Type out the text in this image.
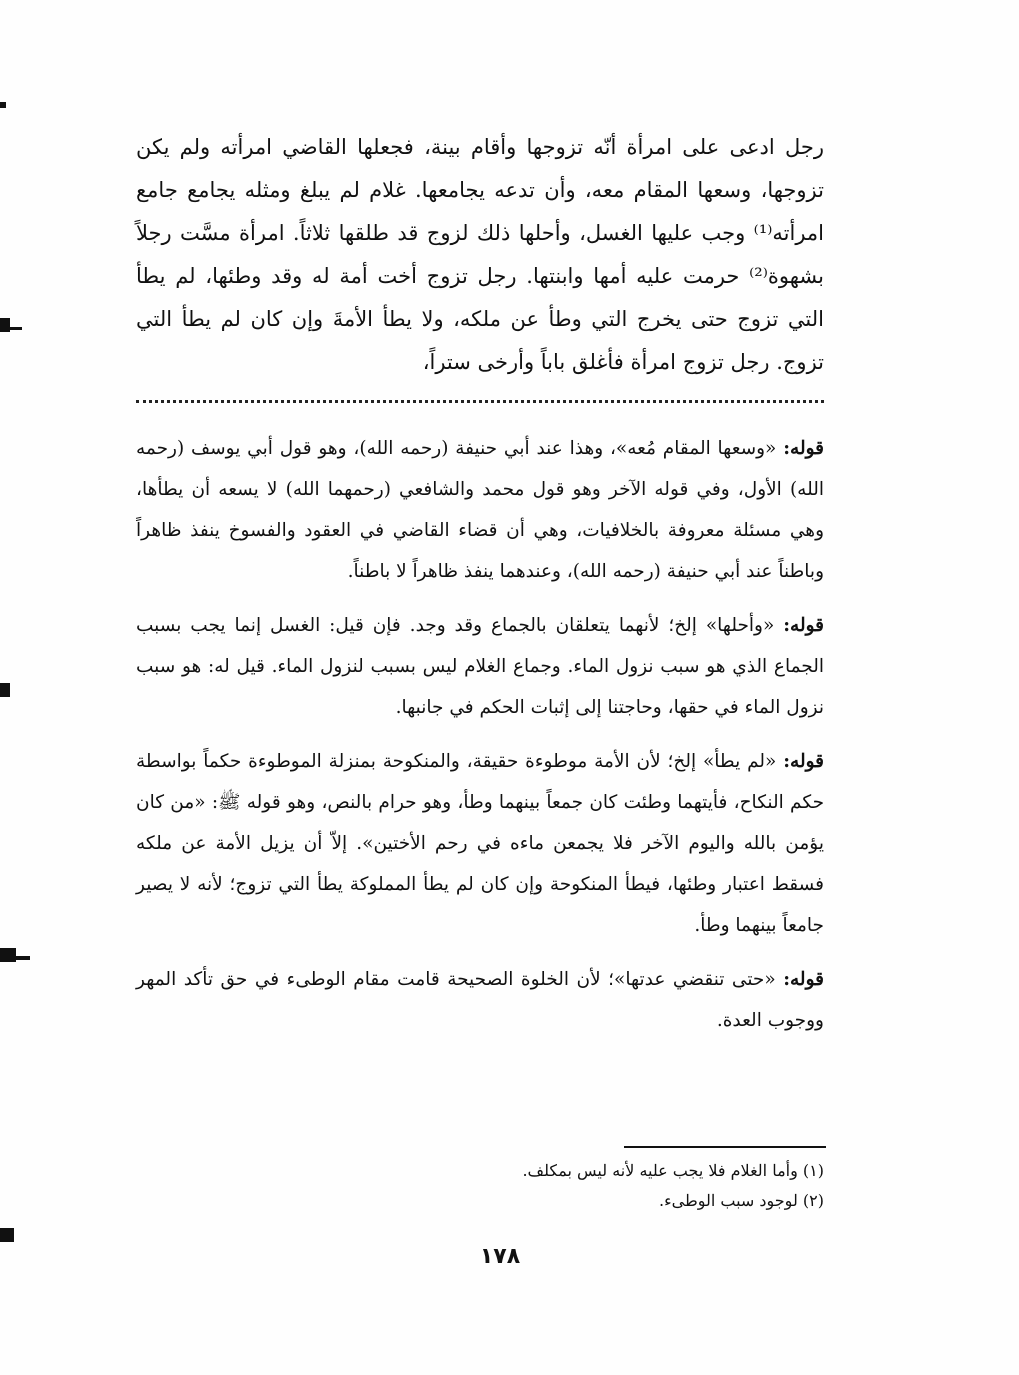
رجل ادعى على امرأة أنّه تزوجها وأقام بينة، فجعلها القاضي امرأته ولم يكن تزوجها، وسعها المقام معه، وأن تدعه يجامعها. غلام لم يبلغ ومثله يجامع جامع امرأته⁽¹⁾ وجب عليها الغسل، وأحلها ذلك لزوج قد طلقها ثلاثاً. امرأة مسَّت رجلاً بشهوة⁽²⁾ حرمت عليه أمها وابنتها. رجل تزوج أخت أمة له وقد وطئها، لم يطأ التي تزوج حتى يخرج التي وطأ عن ملكه، ولا يطأ الأمةَ وإن كان لم يطأ التي تزوج. رجل تزوج امرأة فأغلق باباً وأرخى ستراً،

قوله: «وسعها المقام مُعه»، وهذا عند أبي حنيفة (رحمه الله)، وهو قول أبي يوسف (رحمه الله) الأول، وفي قوله الآخر وهو قول محمد والشافعي (رحمهما الله) لا يسعه أن يطأها، وهي مسئلة معروفة بالخلافيات، وهي أن قضاء القاضي في العقود والفسوخ ينفذ ظاهراً وباطناً عند أبي حنيفة (رحمه الله)، وعندهما ينفذ ظاهراً لا باطناً.

قوله: «وأحلها» إلخ؛ لأنهما يتعلقان بالجماع وقد وجد. فإن قيل: الغسل إنما يجب بسبب الجماع الذي هو سبب نزول الماء. وجماع الغلام ليس بسبب لنزول الماء. قيل له: هو سبب نزول الماء في حقها، وحاجتنا إلى إثبات الحكم في جانبها.

قوله: «لم يطأ» إلخ؛ لأن الأمة موطوءة حقيقة، والمنكوحة بمنزلة الموطوءة حكماً بواسطة حكم النكاح، فأيتهما وطئت كان جمعاً بينهما وطأ، وهو حرام بالنص، وهو قوله ﷺ: «من كان يؤمن بالله واليوم الآخر فلا يجمعن ماءه في رحم الأختين». إلاّ أن يزيل الأمة عن ملكه فسقط اعتبار وطئها، فيطأ المنكوحة وإن كان لم يطأ المملوكة يطأ التي تزوج؛ لأنه لا يصير جامعاً بينهما وطأ.

قوله: «حتى تنقضي عدتها»؛ لأن الخلوة الصحيحة قامت مقام الوطىء في حق تأكد المهر ووجوب العدة.

(١) وأما الغلام فلا يجب عليه لأنه ليس بمكلف.

(٢) لوجود سبب الوطىء.

١٧٨
